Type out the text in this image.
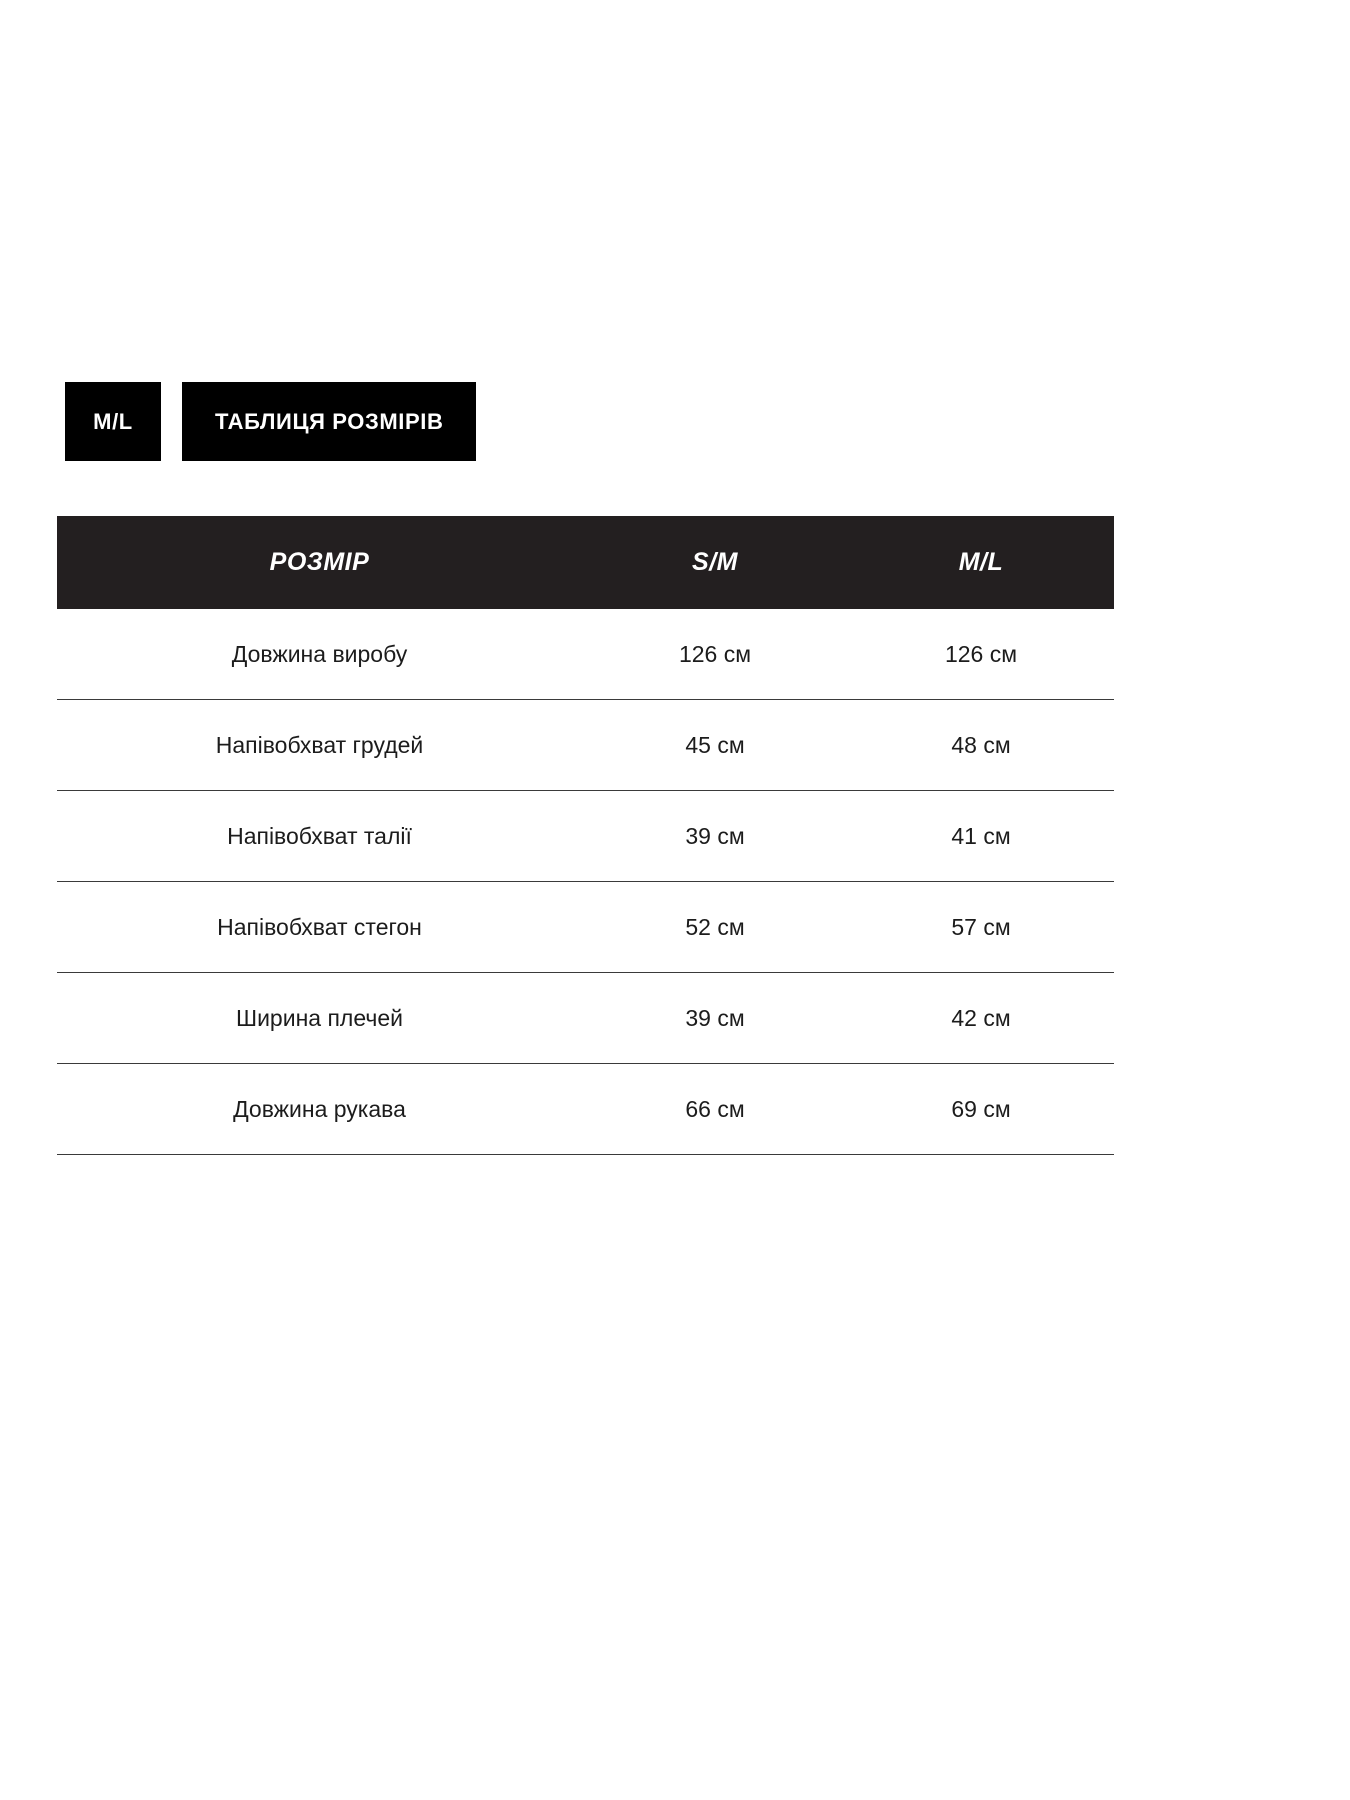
M/L	ТАБЛИЦЯ РОЗМІРІВ
РОЗМІР	S/M	M/L
Довжина виробу	126 см	126 см
Напівобхват грудей	45 см	48 см
Напівобхват талії	39 см	41 см
Напівобхват стегон	52 см	57 см
Ширина плечей	39 см	42 см
Довжина рукава	66 см	69 см
